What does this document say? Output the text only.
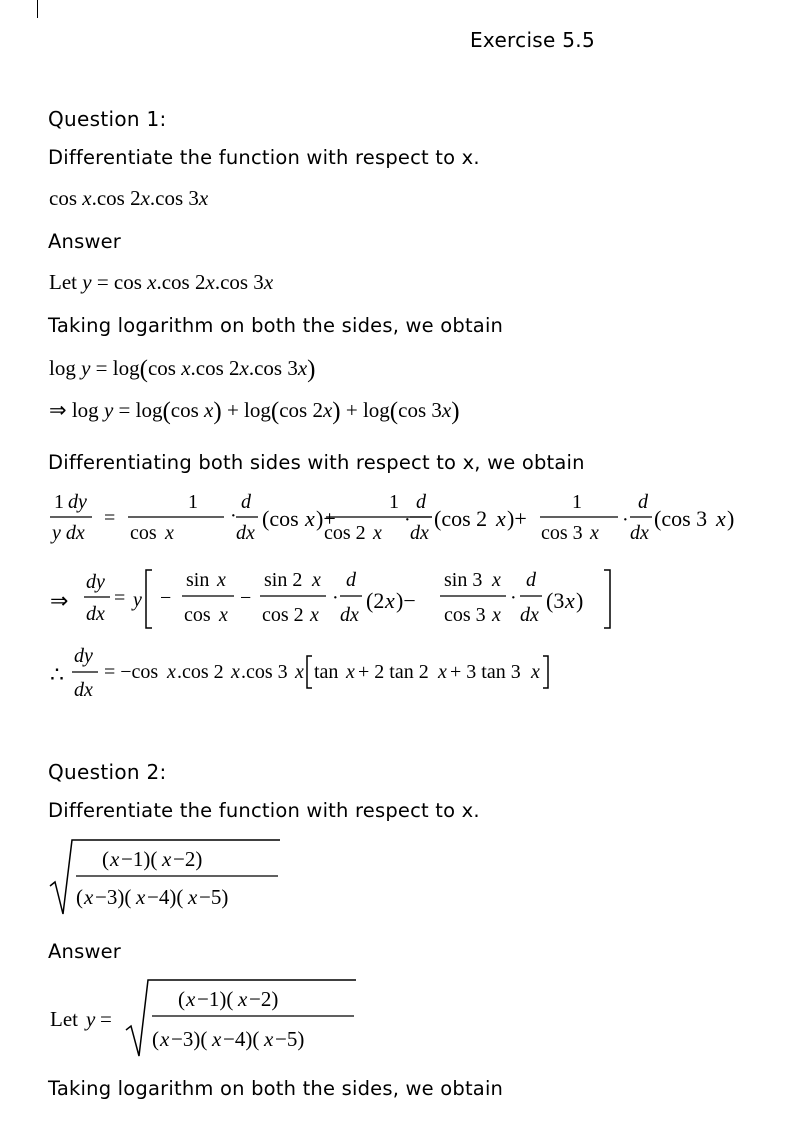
Exercise 5.5
Question 1:
Differentiate the function with respect to x.
cos x.cos 2x.cos 3x
Answer
Let y = cos x.cos 2x.cos 3x
Taking logarithm on both the sides, we obtain
log y = log(cos x.cos 2x.cos 3x)
⇒ log y = log(cos x) + log(cos 2x) + log(cos 3x)
Differentiating both sides with respect to x, we obtain
1 dy
y dx
=
1
cos x
·
d
dx
(cos x )+
1
cos 2 x
·
d
dx
(cos 2 x )+
1
cos 3 x
·
d
dx
(cos 3 x )
⇒
dy
dx
= y −
sin x
cos x
−
sin 2 x
cos 2 x
·
d
dx
(2 x )−
sin 3 x
cos 3 x
·
d
dx
(3 x )
∴
dy
dx
= −cos x .cos 2 x .cos 3 x tan x + 2 tan 2 x + 3 tan 3 x
Question 2:
Differentiate the function with respect to x.
( x −1)( x −2)
( x −3)( x −4)( x −5)
Answer
Let y =
( x −1)( x −2)
( x −3)( x −4)( x −5)
Taking logarithm on both the sides, we obtain
